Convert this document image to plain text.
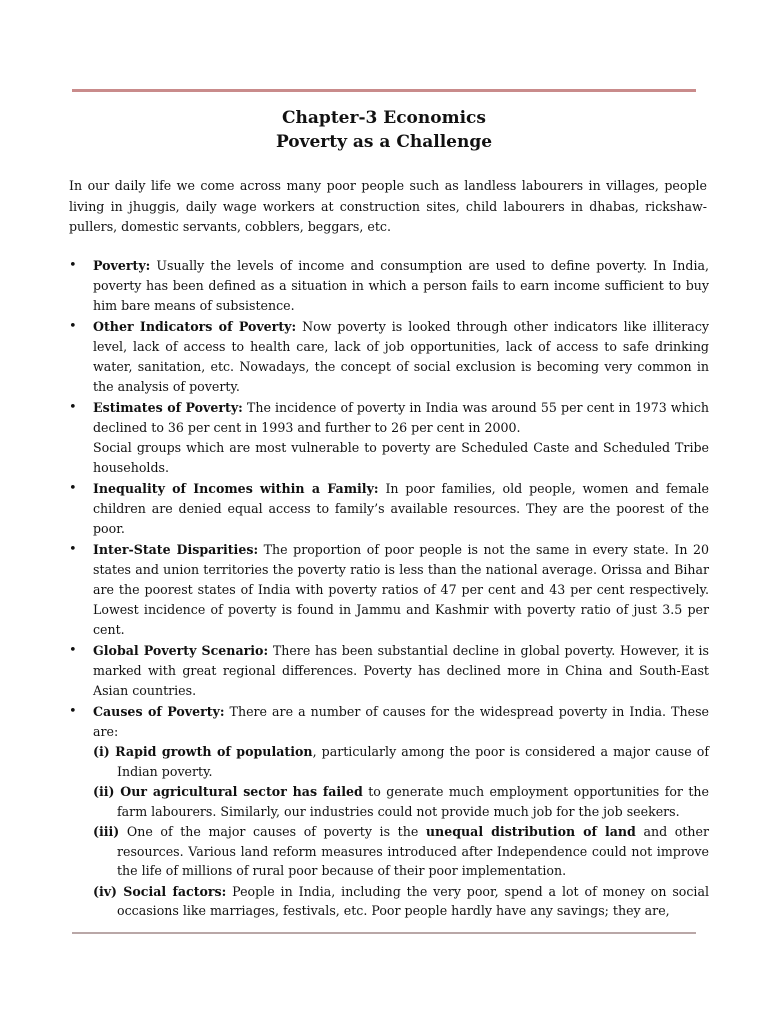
Chapter-3 Economics
Poverty as a Challenge

In our daily life we come across many poor people such as landless labourers in villages, people living in jhuggis, daily wage workers at construction sites, child labourers in dhabas, rickshaw-pullers, domestic servants, cobblers, beggars, etc.

• Poverty: Usually the levels of income and consumption are used to define poverty. In India, poverty has been defined as a situation in which a person fails to earn income sufficient to buy him bare means of subsistence.
• Other Indicators of Poverty: Now poverty is looked through other indicators like illiteracy level, lack of access to health care, lack of job opportunities, lack of access to safe drinking water, sanitation, etc. Nowadays, the concept of social exclusion is becoming very common in the analysis of poverty.
• Estimates of Poverty: The incidence of poverty in India was around 55 per cent in 1973 which declined to 36 per cent in 1993 and further to 26 per cent in 2000.
Social groups which are most vulnerable to poverty are Scheduled Caste and Scheduled Tribe households.
• Inequality of Incomes within a Family: In poor families, old people, women and female children are denied equal access to family’s available resources. They are the poorest of the poor.
• Inter-State Disparities: The proportion of poor people is not the same in every state. In 20 states and union territories the poverty ratio is less than the national average. Orissa and Bihar are the poorest states of India with poverty ratios of 47 per cent and 43 per cent respectively. Lowest incidence of poverty is found in Jammu and Kashmir with poverty ratio of just 3.5 per cent.
• Global Poverty Scenario: There has been substantial decline in global poverty. However, it is marked with great regional differences. Poverty has declined more in China and South-East Asian countries.
• Causes of Poverty: There are a number of causes for the widespread poverty in India. These are:
(i) Rapid growth of population, particularly among the poor is considered a major cause of Indian poverty.
(ii) Our agricultural sector has failed to generate much employment opportunities for the farm labourers. Similarly, our industries could not provide much job for the job seekers.
(iii) One of the major causes of poverty is the unequal distribution of land and other resources. Various land reform measures introduced after Independence could not improve the life of millions of rural poor because of their poor implementation.
(iv) Social factors: People in India, including the very poor, spend a lot of money on social occasions like marriages, festivals, etc. Poor people hardly have any savings; they are,
